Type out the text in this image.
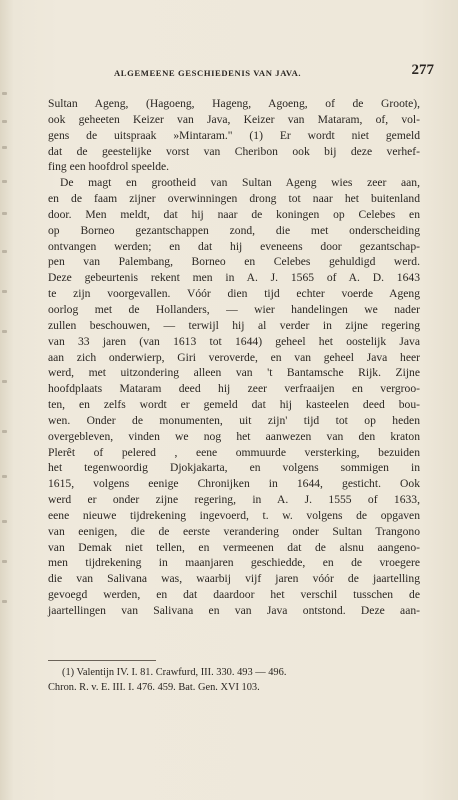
ALGEMEENE GESCHIEDENIS VAN JAVA.	277
Sultan Ageng, (Hagoeng, Hageng, Agoeng, of de Groote),
ook geheeten Keizer van Java, Keizer van Mataram, of, vol-
gens de uitspraak »Mintaram." (1) Er wordt niet gemeld
dat de geestelijke vorst van Cheribon ook bij deze verhef-
fing een hoofdrol speelde.
De magt en grootheid van Sultan Ageng wies zeer aan,
en de faam zijner overwinningen drong tot naar het buitenland
door. Men meldt, dat hij naar de koningen op Celebes en
op Borneo gezantschappen zond, die met onderscheiding
ontvangen werden; en dat hij eveneens door gezantschap-
pen van Palembang, Borneo en Celebes gehuldigd werd.
Deze gebeurtenis rekent men in A. J. 1565 of A. D. 1643
te zijn voorgevallen. Vóór dien tijd echter voerde Ageng
oorlog met de Hollanders, — wier handelingen we nader
zullen beschouwen, — terwijl hij al verder in zijne regering
van 33 jaren (van 1613 tot 1644) geheel het oostelijk Java
aan zich onderwierp, Giri veroverde, en van geheel Java heer
werd, met uitzondering alleen van 't Bantamsche Rijk. Zijne
hoofdplaats Mataram deed hij zeer verfraaijen en vergroo-
ten, en zelfs wordt er gemeld dat hij kasteelen deed bou-
wen. Onder de monumenten, uit zijn' tijd tot op heden
overgebleven, vinden we nog het aanwezen van den kraton
Plerêt of pelered , eene ommuurde versterking, bezuiden
het tegenwoordig Djokjakarta, en volgens sommigen in
1615, volgens eenige Chronijken in 1644, gesticht. Ook
werd er onder zijne regering, in A. J. 1555 of 1633,
eene nieuwe tijdrekening ingevoerd, t. w. volgens de opgaven
van eenigen, die de eerste verandering onder Sultan Trangono
van Demak niet tellen, en vermeenen dat de alsnu aangeno-
men tijdrekening in maanjaren geschiedde, en de vroegere
die van Salivana was, waarbij vijf jaren vóór de jaartelling
gevoegd werden, en dat daardoor het verschil tusschen de
jaartellingen van Salivana en van Java ontstond. Deze aan-
(1) Valentijn IV. I. 81. Crawfurd, III. 330. 493 — 496.
Chron. R. v. E. III. I. 476. 459. Bat. Gen. XVI 103.
